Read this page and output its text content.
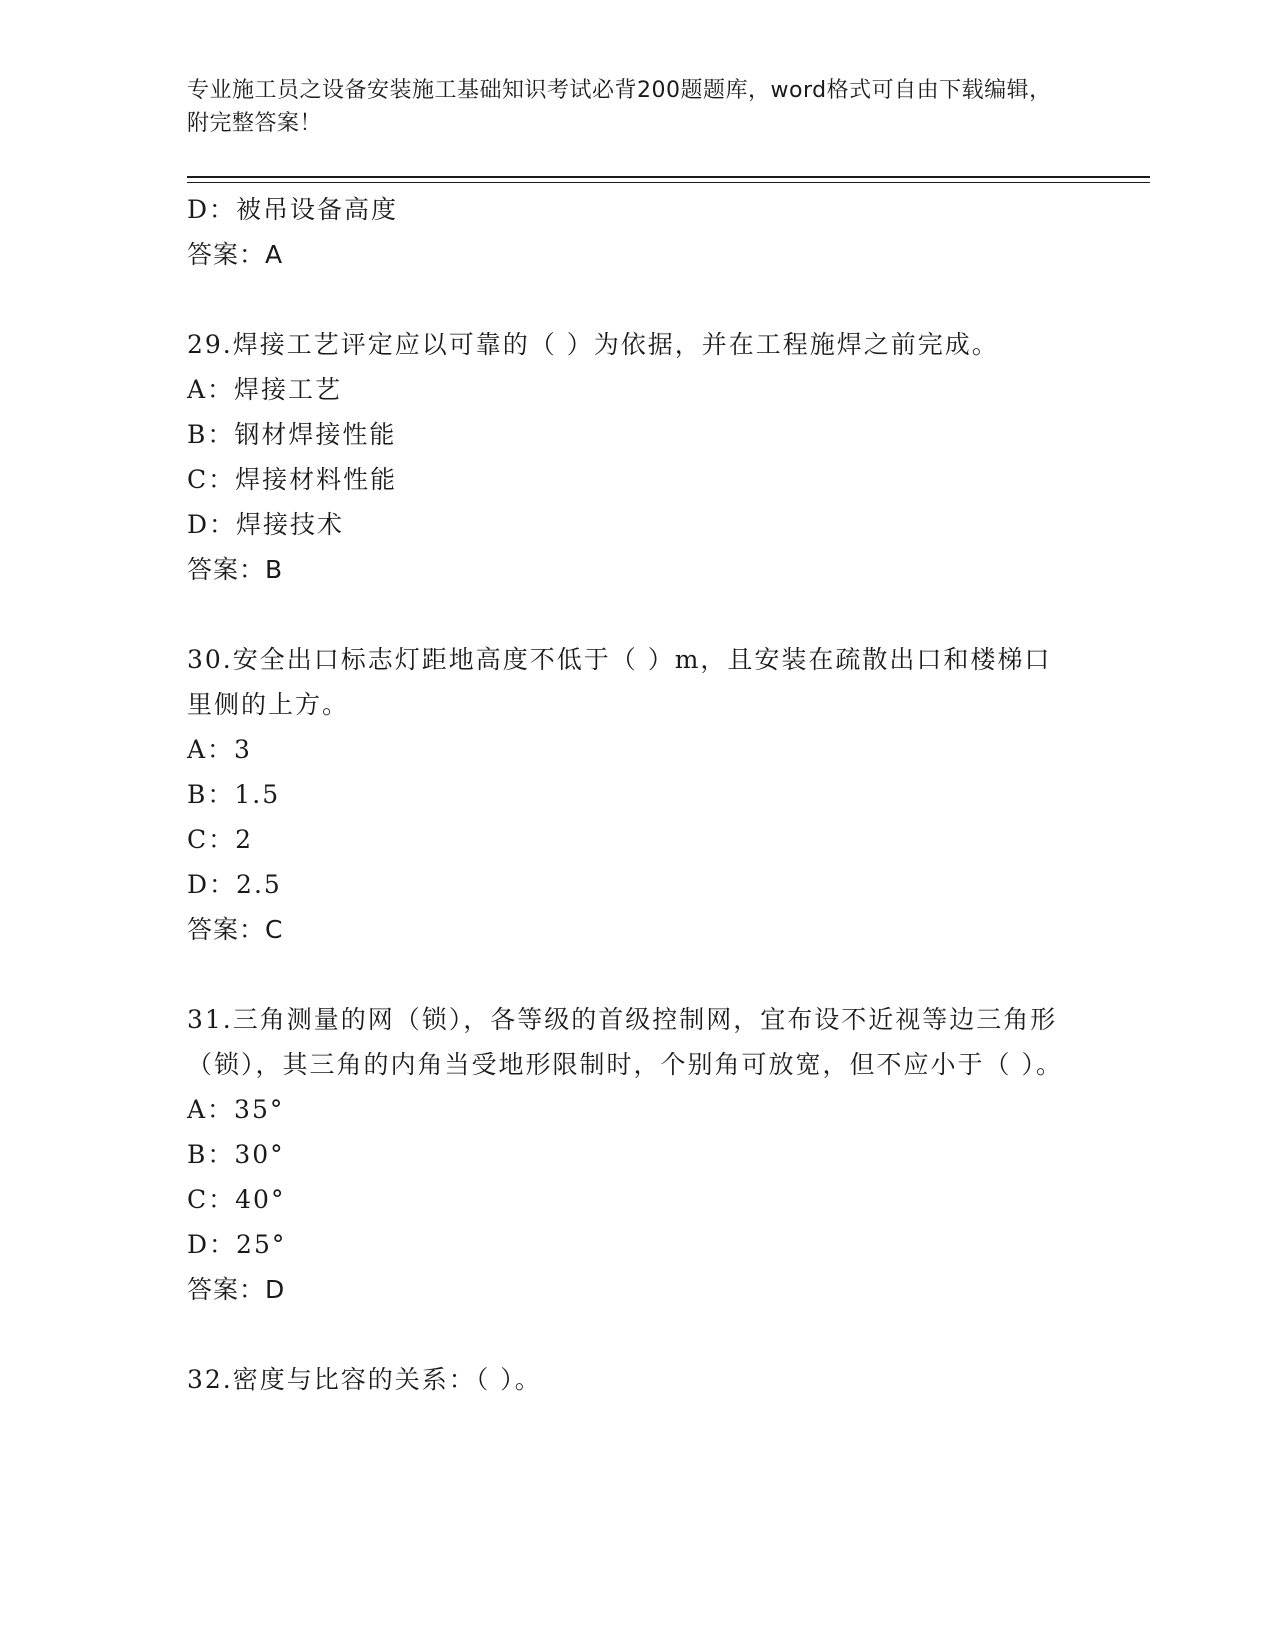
专业施工员之设备安装施工基础知识考试必背200题题库，word格式可自由下载编辑，附完整答案！
D：被吊设备高度
答案：A
29.焊接工艺评定应以可靠的（ ）为依据，并在工程施焊之前完成。
A：焊接工艺
B：钢材焊接性能
C：焊接材料性能
D：焊接技术
答案：B
30.安全出口标志灯距地高度不低于（ ）m，且安装在疏散出口和楼梯口里侧的上方。
A：3
B：1.5
C：2
D：2.5
答案：C
31.三角测量的网（锁），各等级的首级控制网，宜布设不近视等边三角形（锁），其三角的内角当受地形限制时，个别角可放宽，但不应小于（ ）。
A：35°
B：30°
C：40°
D：25°
答案：D
32.密度与比容的关系：（ ）。
